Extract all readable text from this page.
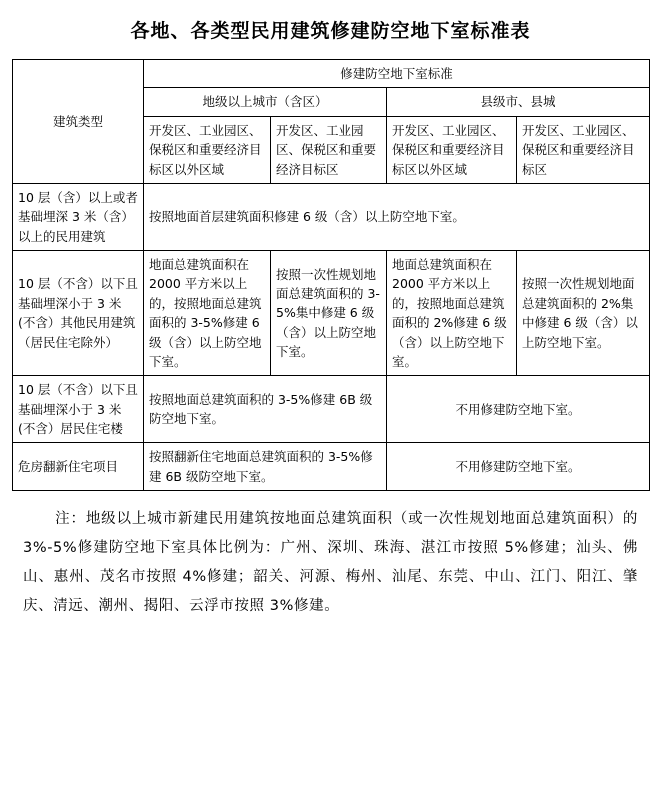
各地、各类型民用建筑修建防空地下室标准表
建筑类型	修建防空地下室标准			
	地级以上城市（含区）		县级市、县城	
	开发区、工业园区、保税区和重要经济目标区以外区域	开发区、工业园区、保税区和重要经济目标区	开发区、工业园区、保税区和重要经济目标区以外区域	开发区、工业园区、保税区和重要经济目标区
10 层（含）以上或者基础埋深 3 米（含）以上的民用建筑	按照地面首层建筑面积修建 6 级（含）以上防空地下室。			
10 层（不含）以下且基础埋深小于 3 米(不含）其他民用建筑（居民住宅除外）	地面总建筑面积在 2000 平方米以上的，按照地面总建筑面积的 3-5%修建 6 级（含）以上防空地下室。	按照一次性规划地面总建筑面积的 3-5%集中修建 6 级（含）以上防空地下室。	地面总建筑面积在 2000 平方米以上的，按照地面总建筑面积的 2%修建 6 级（含）以上防空地下室。	按照一次性规划地面总建筑面积的 2%集中修建 6 级（含）以上防空地下室。
10 层（不含）以下且基础埋深小于 3 米(不含）居民住宅楼	按照地面总建筑面积的 3-5%修建 6B 级防空地下室。		不用修建防空地下室。	
危房翻新住宅项目	按照翻新住宅地面总建筑面积的 3-5%修建 6B 级防空地下室。		不用修建防空地下室。	
注：地级以上城市新建民用建筑按地面总建筑面积（或一次性规划地面总建筑面积）的 3%-5%修建防空地下室具体比例为：广州、深圳、珠海、湛江市按照 5%修建；汕头、佛山、惠州、茂名市按照 4%修建；韶关、河源、梅州、汕尾、东莞、中山、江门、阳江、肇庆、清远、潮州、揭阳、云浮市按照 3%修建。
